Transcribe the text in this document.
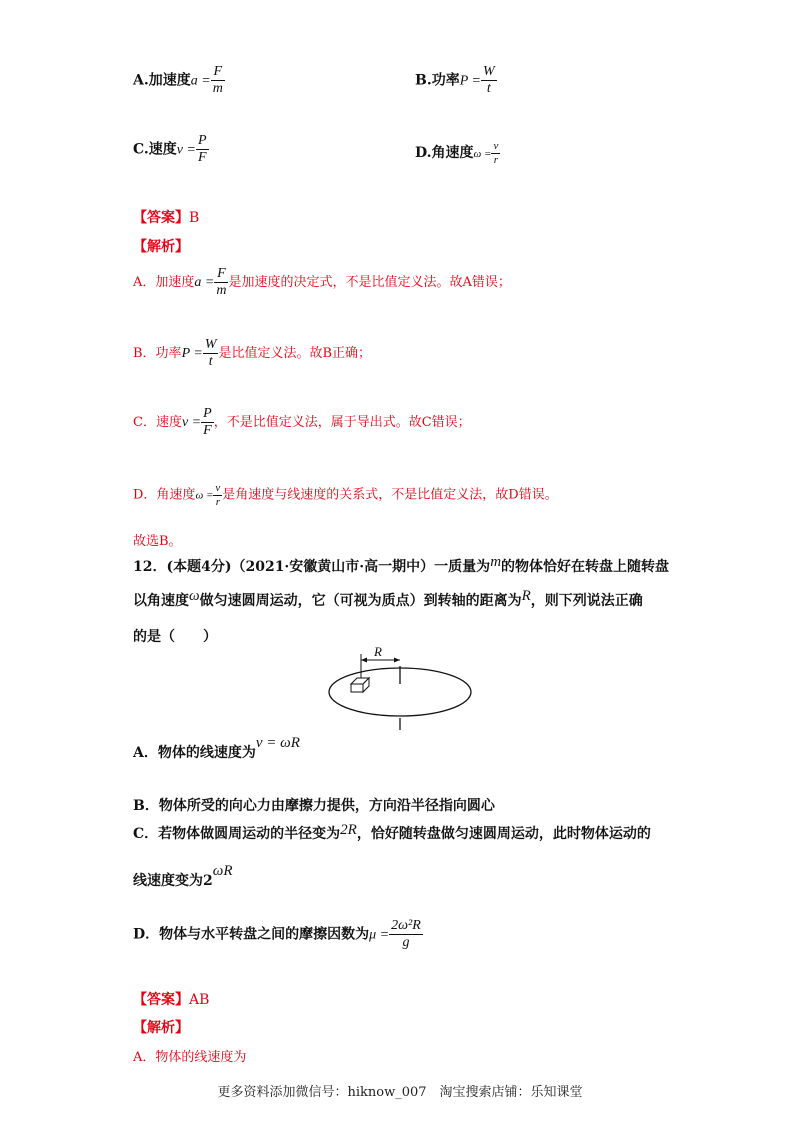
A.加速度$a = \frac{F}{m}$	B.功率$P = \frac{W}{t}$
C.速度$v = \frac{P}{F}$	D.角速度$\omega = \frac{v}{r}$
【答案】B
【解析】
A．加速度$a = \frac{F}{m}$ 是加速度的决定式，不是比值定义法。故A错误；
B．功率$P = \frac{W}{t}$ 是比值定义法。故B正确；
C．速度$v = \frac{P}{F}$ ，不是比值定义法，属于导出式。故C错误；
D．角速度$\omega = \frac{v}{r}$ 是角速度与线速度的关系式，不是比值定义法，故D错误。
故选B。
12．(本题4分)（2021·安徽黄山市·高一期中）一质量为m的物体恰好在转盘上随转盘
以角速度ω做匀速圆周运动，它（可视为质点）到转轴的距离为R，则下列说法正确
的是（　　）
R
A．物体的线速度为v = ωR
B．物体所受的向心力由摩擦力提供，方向沿半径指向圆心
C．若物体做圆周运动的半径变为2R，恰好随转盘做匀速圆周运动，此时物体运动的
线速度变为2ωR
D．物体与水平转盘之间的摩擦因数为$\mu = \frac{\text{2ω²R}}{g}$
【答案】AB
【解析】
A．物体的线速度为
更多资料添加微信号：hiknow_007　淘宝搜索店铺：乐知课堂
